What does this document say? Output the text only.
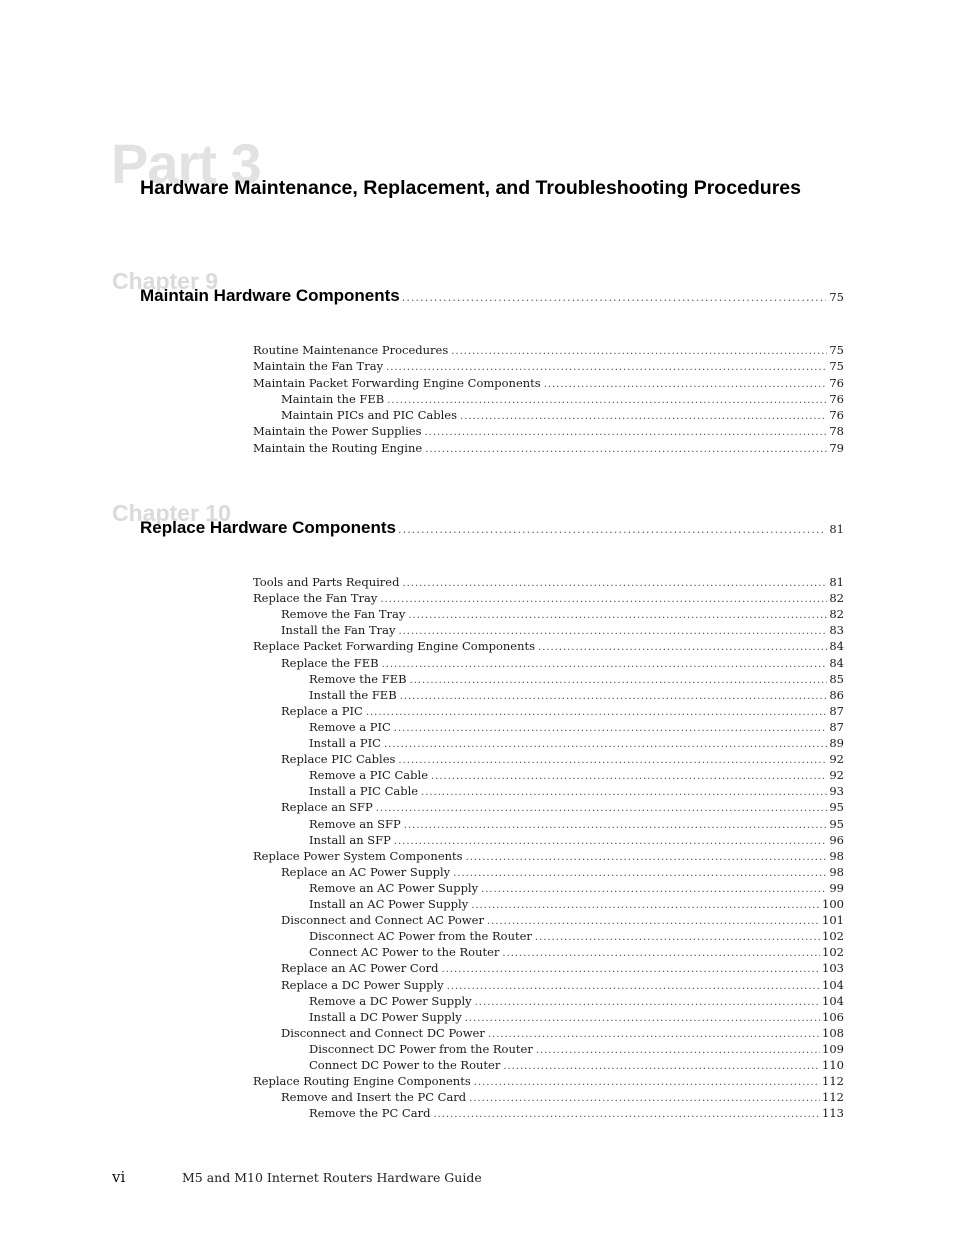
Part 3
Hardware Maintenance, Replacement, and Troubleshooting Procedures
Chapter 9
Maintain Hardware Components . . .	75
Routine Maintenance Procedures . . .	75
Maintain the Fan Tray . . .	75
Maintain Packet Forwarding Engine Components . . .	76
Maintain the FEB . . .	76
Maintain PICs and PIC Cables . . .	76
Maintain the Power Supplies . . .	78
Maintain the Routing Engine . . .	79
Chapter 10
Replace Hardware Components . . .	81
Tools and Parts Required . . .	81
Replace the Fan Tray . . .	82
Remove the Fan Tray . . .	82
Install the Fan Tray . . .	83
Replace Packet Forwarding Engine Components . . .	84
Replace the FEB . . .	84
Remove the FEB . . .	85
Install the FEB . . .	86
Replace a PIC . . .	87
Remove a PIC . . .	87
Install a PIC . . .	89
Replace PIC Cables . . .	92
Remove a PIC Cable . . .	92
Install a PIC Cable . . .	93
Replace an SFP . . .	95
Remove an SFP . . .	95
Install an SFP . . .	96
Replace Power System Components . . .	98
Replace an AC Power Supply . . .	98
Remove an AC Power Supply . . .	99
Install an AC Power Supply . . .	100
Disconnect and Connect AC Power . . .	101
Disconnect AC Power from the Router . . .	102
Connect AC Power to the Router . . .	102
Replace an AC Power Cord . . .	103
Replace a DC Power Supply . . .	104
Remove a DC Power Supply . . .	104
Install a DC Power Supply . . .	106
Disconnect and Connect DC Power . . .	108
Disconnect DC Power from the Router . . .	109
Connect DC Power to the Router . . .	110
Replace Routing Engine Components . . .	112
Remove and Insert the PC Card . . .	112
Remove the PC Card . . .	113
vi	M5 and M10 Internet Routers Hardware Guide
